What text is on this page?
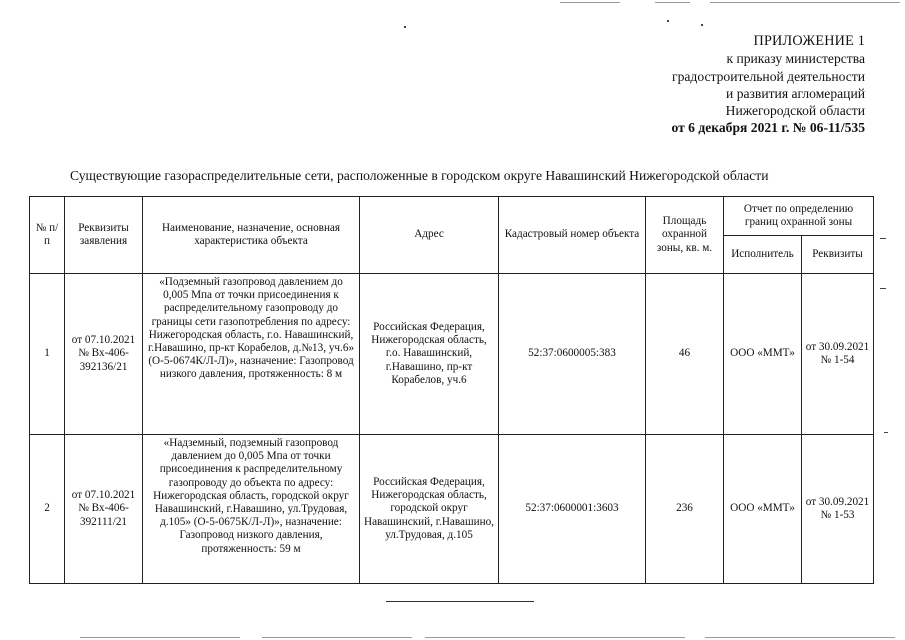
ПРИЛОЖЕНИЕ 1
к приказу министерства
градостроительной деятельности
и развития агломераций
Нижегородской области
от 6 декабря 2021 г. № 06-11/535
Существующие газораспределительные сети, расположенные в городском округе Навашинский Нижегородской области
№ п/п	Реквизиты заявления	Наименование, назначение, основная характеристика объекта	Адрес	Кадастровый номер объекта	Площадь охранной зоны, кв. м.	Отчет по определению границ охранной зоны	
						Исполнитель	Реквизиты
1	от 07.10.2021 № Вх-406-392136/21	«Подземный газопровод давлением до 0,005 Мпа от точки присоединения к распределительному газопроводу до границы сети газопотребления по адресу: Нижегородская область, г.о. Навашинский, г.Навашино, пр-кт Корабелов, д.№13, уч.6» (О-5-0674К/Л-Л)», назначение: Газопровод низкого давления, протяженность: 8 м	Российская Федерация, Нижегородская область, г.о. Навашинский, г.Навашино, пр-кт Корабелов, уч.6	52:37:0600005:383	46	ООО «ММТ»	от 30.09.2021 № 1-54
2	от 07.10.2021 № Вх-406-392111/21	«Надземный, подземный газопровод давлением до 0,005 Мпа от точки присоединения к распределительному газопроводу до объекта по адресу: Нижегородская область, городской округ Навашинский, г.Навашино, ул.Трудовая, д.105» (О-5-0675К/Л-Л)», назначение: Газопровод низкого давления, протяженность: 59 м	Российская Федерация, Нижегородская область, городской округ Навашинский, г.Навашино, ул.Трудовая, д.105	52:37:0600001:3603	236	ООО «ММТ»	от 30.09.2021 № 1-53
